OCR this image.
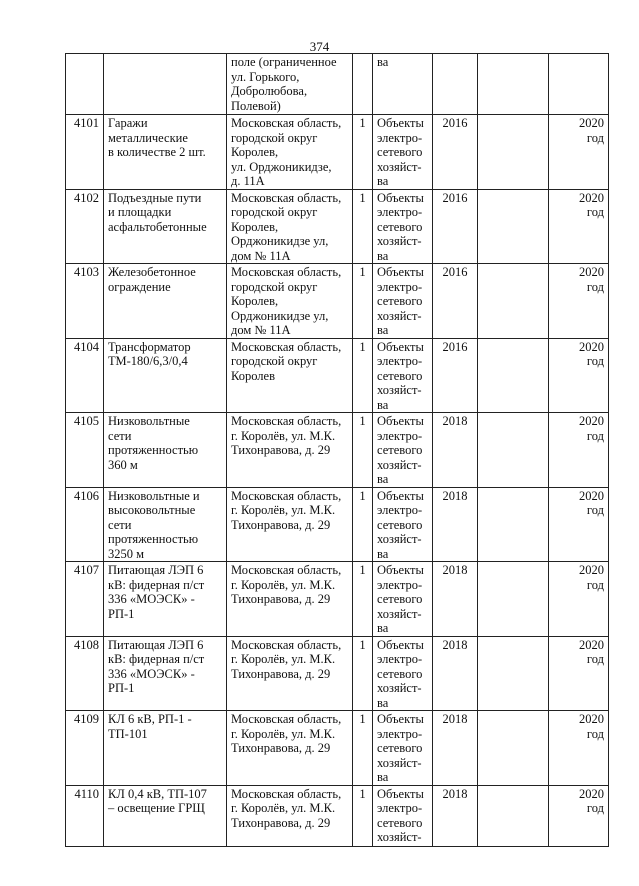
374
		поле (ограниченное
ул. Горького,
Добролюбова,
Полевой)		ва			
4101	Гаражи
металлические
в количестве 2 шт.	Московская область,
городской округ
Королев,
ул. Орджоникидзе,
д. 11А	1	Объекты
электро-
сетевого
хозяйст-
ва	2016		2020
год
4102	Подъездные пути
и площадки
асфальтобетонные	Московская область,
городской округ
Королев,
Орджоникидзе ул,
дом № 11А	1	Объекты
электро-
сетевого
хозяйст-
ва	2016		2020
год
4103	Железобетонное
ограждение	Московская область,
городской округ
Королев,
Орджоникидзе ул,
дом № 11А	1	Объекты
электро-
сетевого
хозяйст-
ва	2016		2020
год
4104	Трансформатор
ТМ-180/6,3/0,4	Московская область,
городской округ
Королев	1	Объекты
электро-
сетевого
хозяйст-
ва	2016		2020
год
4105	Низковольтные
сети
протяженностью
360 м	Московская область,
г. Королёв, ул. М.К.
Тихонравова, д. 29	1	Объекты
электро-
сетевого
хозяйст-
ва	2018		2020
год
4106	Низковольтные и
высоковольтные
сети
протяженностью
3250 м	Московская область,
г. Королёв, ул. М.К.
Тихонравова, д. 29	1	Объекты
электро-
сетевого
хозяйст-
ва	2018		2020
год
4107	Питающая ЛЭП 6
кВ: фидерная п/ст
336 «МОЭСК» -
РП-1	Московская область,
г. Королёв, ул. М.К.
Тихонравова, д. 29	1	Объекты
электро-
сетевого
хозяйст-
ва	2018		2020
год
4108	Питающая ЛЭП 6
кВ: фидерная п/ст
336 «МОЭСК» -
РП-1	Московская область,
г. Королёв, ул. М.К.
Тихонравова, д. 29	1	Объекты
электро-
сетевого
хозяйст-
ва	2018		2020
год
4109	КЛ 6 кВ, РП-1 -
ТП-101	Московская область,
г. Королёв, ул. М.К.
Тихонравова, д. 29	1	Объекты
электро-
сетевого
хозяйст-
ва	2018		2020
год
4110	КЛ 0,4 кВ, ТП-107
– освещение ГРЩ	Московская область,
г. Королёв, ул. М.К.
Тихонравова, д. 29	1	Объекты
электро-
сетевого
хозяйст-	2018		2020
год
